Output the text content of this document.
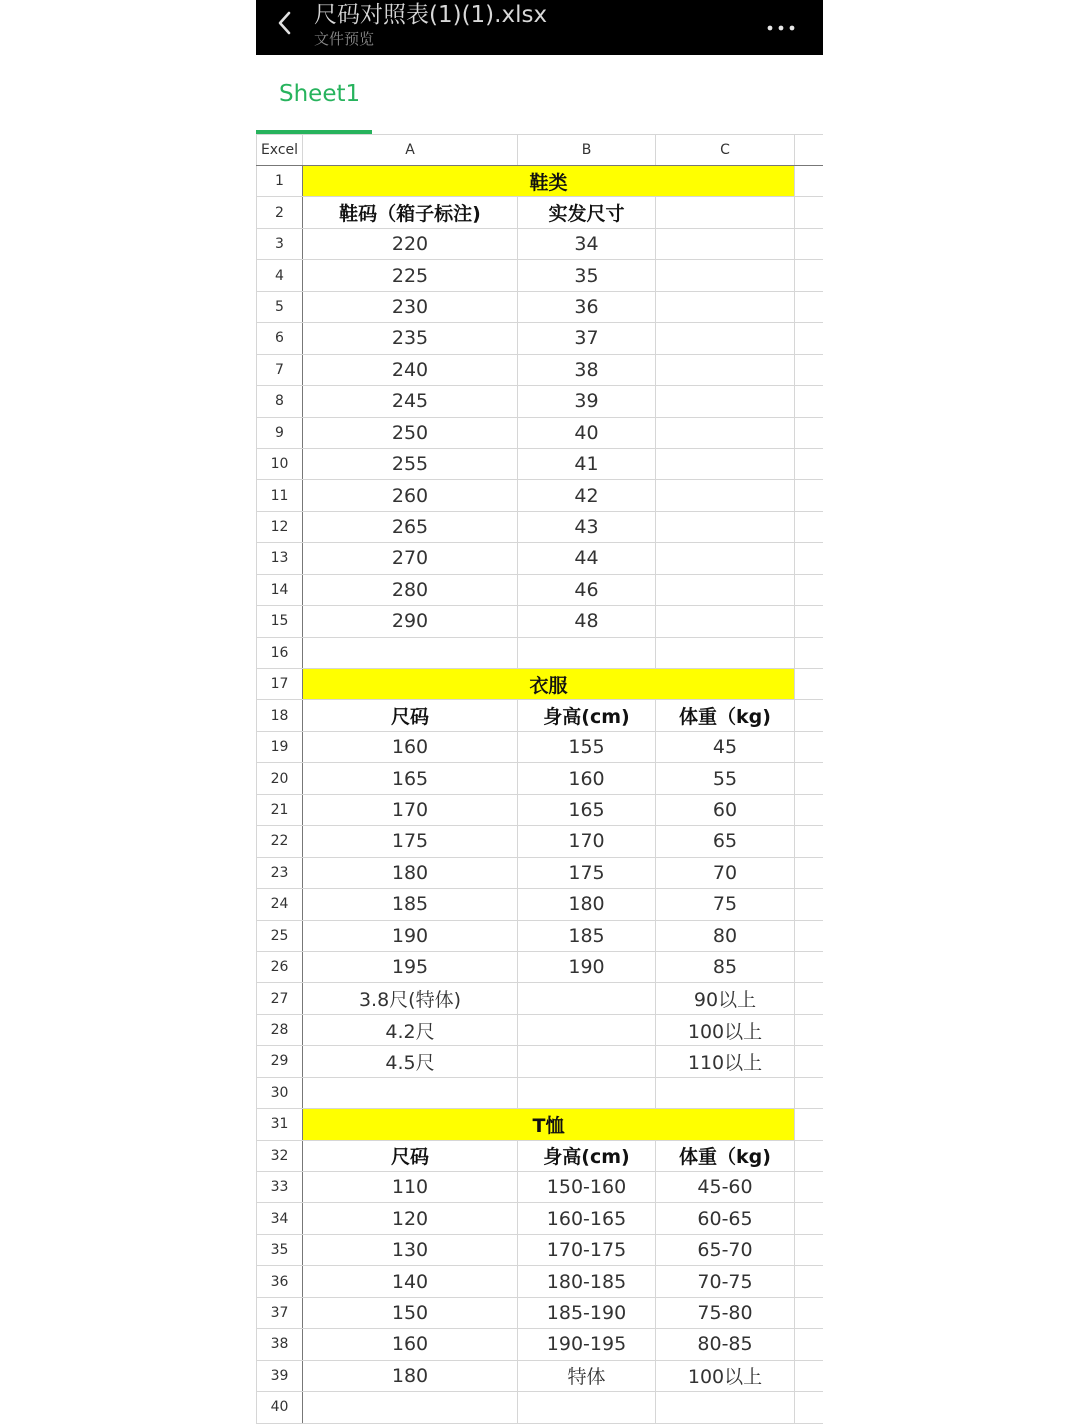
尺码对照表(1)(1).xlsx
文件预览
Sheet1
Excel	A	B	C	
1	鞋类			
2	鞋码（箱子标注)	实发尺寸		
3	220	34		
4	225	35		
5	230	36		
6	235	37		
7	240	38		
8	245	39		
9	250	40		
10	255	41		
11	260	42		
12	265	43		
13	270	44		
14	280	46		
15	290	48		
16				
17	衣服			
18	尺码	身高(cm)	体重（kg)	
19	160	155	45	
20	165	160	55	
21	170	165	60	
22	175	170	65	
23	180	175	70	
24	185	180	75	
25	190	185	80	
26	195	190	85	
27	3.8尺(特体)		90以上	
28	4.2尺		100以上	
29	4.5尺		110以上	
30				
31	T恤			
32	尺码	身高(cm)	体重（kg)	
33	110	150-160	45-60	
34	120	160-165	60-65	
35	130	170-175	65-70	
36	140	180-185	70-75	
37	150	185-190	75-80	
38	160	190-195	80-85	
39	180	特体	100以上	
40				
